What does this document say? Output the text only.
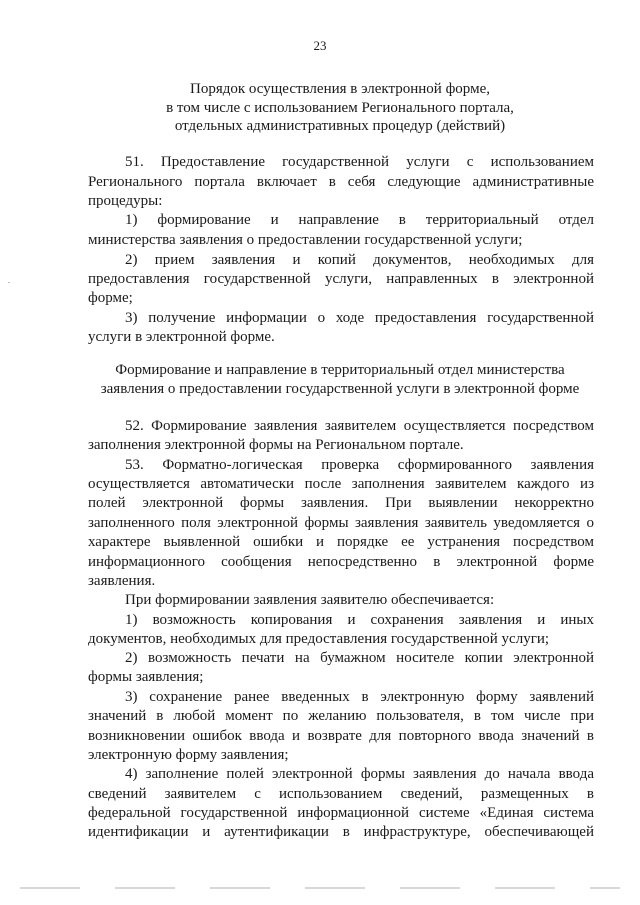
23
Порядок осуществления в электронной форме,
в том числе с использованием Регионального портала,
отдельных административных процедур (действий)
51. Предоставление государственной услуги с использованием
Регионального портала включает в себя следующие административные
процедуры:
1) формирование и направление в территориальный отдел
министерства заявления о предоставлении государственной услуги;
2) прием заявления и копий документов, необходимых для
предоставления государственной услуги, направленных в электронной
форме;
3) получение информации о ходе предоставления государственной
услуги в электронной форме.
Формирование и направление в территориальный отдел министерства
заявления о предоставлении государственной услуги в электронной форме
52. Формирование заявления заявителем осуществляется посредством
заполнения электронной формы на Региональном портале.
53. Форматно-логическая проверка сформированного заявления
осуществляется автоматически после заполнения заявителем каждого из
полей электронной формы заявления. При выявлении некорректно
заполненного поля электронной формы заявления заявитель уведомляется о
характере выявленной ошибки и порядке ее устранения посредством
информационного сообщения непосредственно в электронной форме
заявления.
При формировании заявления заявителю обеспечивается:
1) возможность копирования и сохранения заявления и иных
документов, необходимых для предоставления государственной услуги;
2) возможность печати на бумажном носителе копии электронной
формы заявления;
3) сохранение ранее введенных в электронную форму заявлений
значений в любой момент по желанию пользователя, в том числе при
возникновении ошибок ввода и возврате для повторного ввода значений в
электронную форму заявления;
4) заполнение полей электронной формы заявления до начала ввода
сведений заявителем с использованием сведений, размещенных в
федеральной государственной информационной системе «Единая система
идентификации и аутентификации в инфраструктуре, обеспечивающей
